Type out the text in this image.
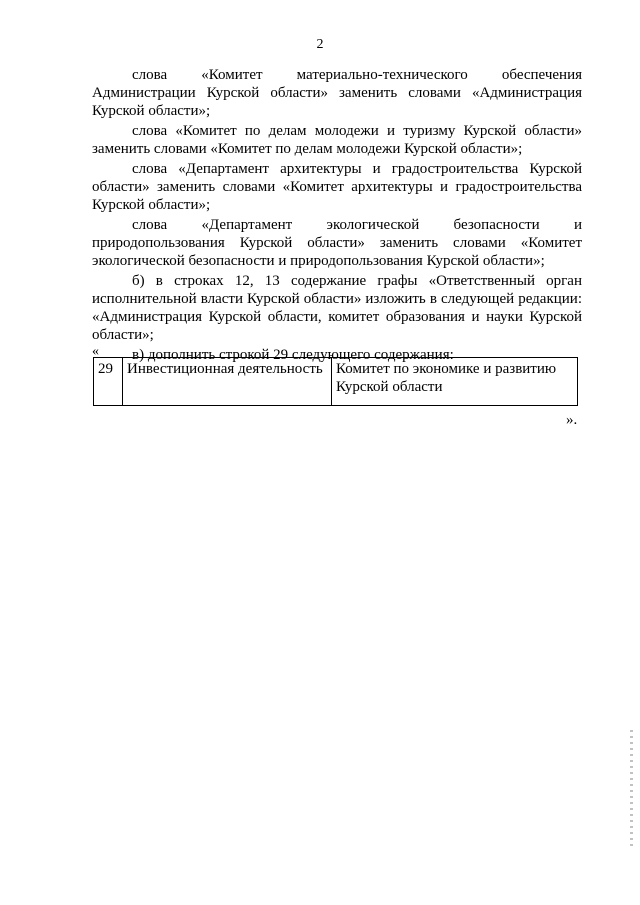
2

слова «Комитет материально-технического обеспечения Администрации Курской области» заменить словами «Администрация Курской области»;

слова «Комитет по делам молодежи и туризму Курской области» заменить словами «Комитет по делам молодежи Курской области»;

слова «Департамент архитектуры и градостроительства Курской области» заменить словами «Комитет архитектуры и градостроительства Курской области»;

слова «Департамент экологической безопасности и природопользования Курской области» заменить словами «Комитет экологической безопасности и природопользования Курской области»;

б) в строках 12, 13 содержание графы «Ответственный орган исполнительной власти Курской области» изложить в следующей редакции: «Администрация Курской области, комитет образования и науки Курской области»;

в) дополнить строкой 29 следующего содержания:

«
29	Инвестиционная деятельность	Комитет по экономике и развитию Курской области
».
